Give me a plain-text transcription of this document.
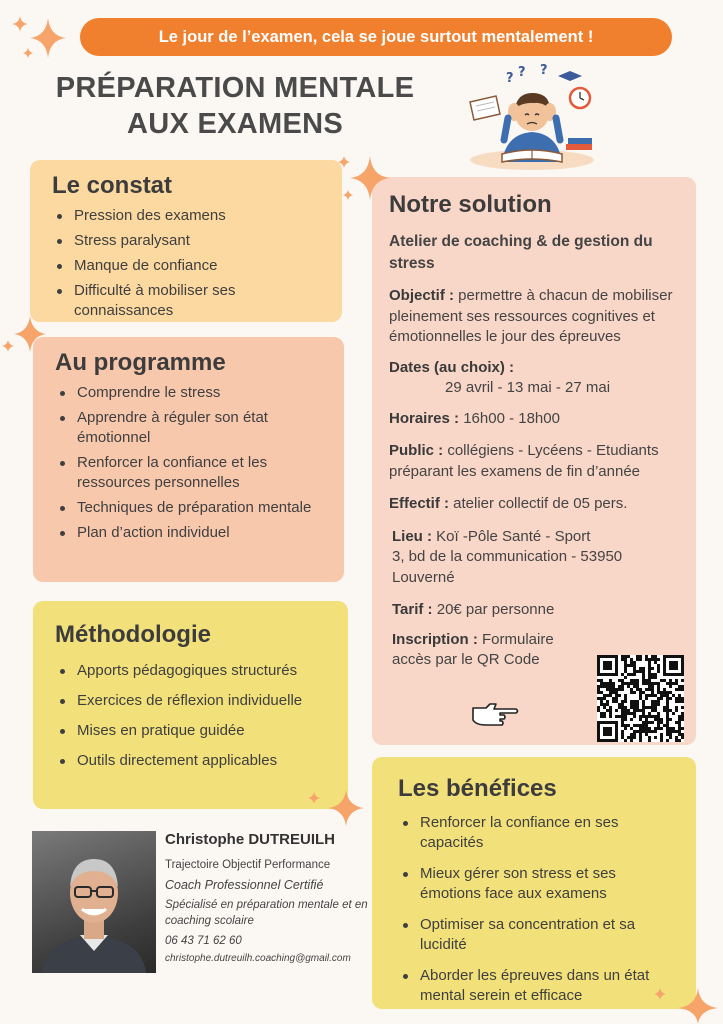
Le jour de l’examen, cela se joue surtout mentalement !
PRÉPARATION MENTALE
AUX EXAMENS
? ? ?
Le constat
Pression des examens
Stress paralysant
Manque de confiance
Difficulté à mobiliser ses connaissances
Au programme
Comprendre le stress
Apprendre à réguler son état émotionnel
Renforcer la confiance et les ressources personnelles
Techniques de préparation mentale
Plan d’action individuel
Méthodologie
Apports pédagogiques structurés
Exercices de réflexion individuelle
Mises en pratique guidée
Outils directement applicables
Notre solution
Atelier de coaching & de gestion du stress
Objectif : permettre à chacun de mobiliser pleinement ses ressources cognitives et émotionnelles le jour des épreuves
Dates (au choix) :
29 avril - 13 mai - 27 mai
Horaires : 16h00 - 18h00
Public : collégiens - Lycéens - Etudiants préparant les examens de fin d’année
Effectif : atelier collectif de 05 pers.
Lieu : Koï -Pôle Santé - Sport
3, bd de la communication - 53950
Louverné
Tarif : 20€ par personne
Inscription : Formulaire accès par le QR Code
Les bénéfices
Renforcer la confiance en ses capacités
Mieux gérer son stress et ses émotions face aux examens
Optimiser sa concentration et sa lucidité
Aborder les épreuves dans un état mental serein et efficace
Christophe DUTREUILH
Trajectoire Objectif Performance
Coach Professionnel Certifié
Spécialisé en préparation mentale et en coaching scolaire
06 43 71 62 60
christophe.dutreuilh.coaching@gmail.com
